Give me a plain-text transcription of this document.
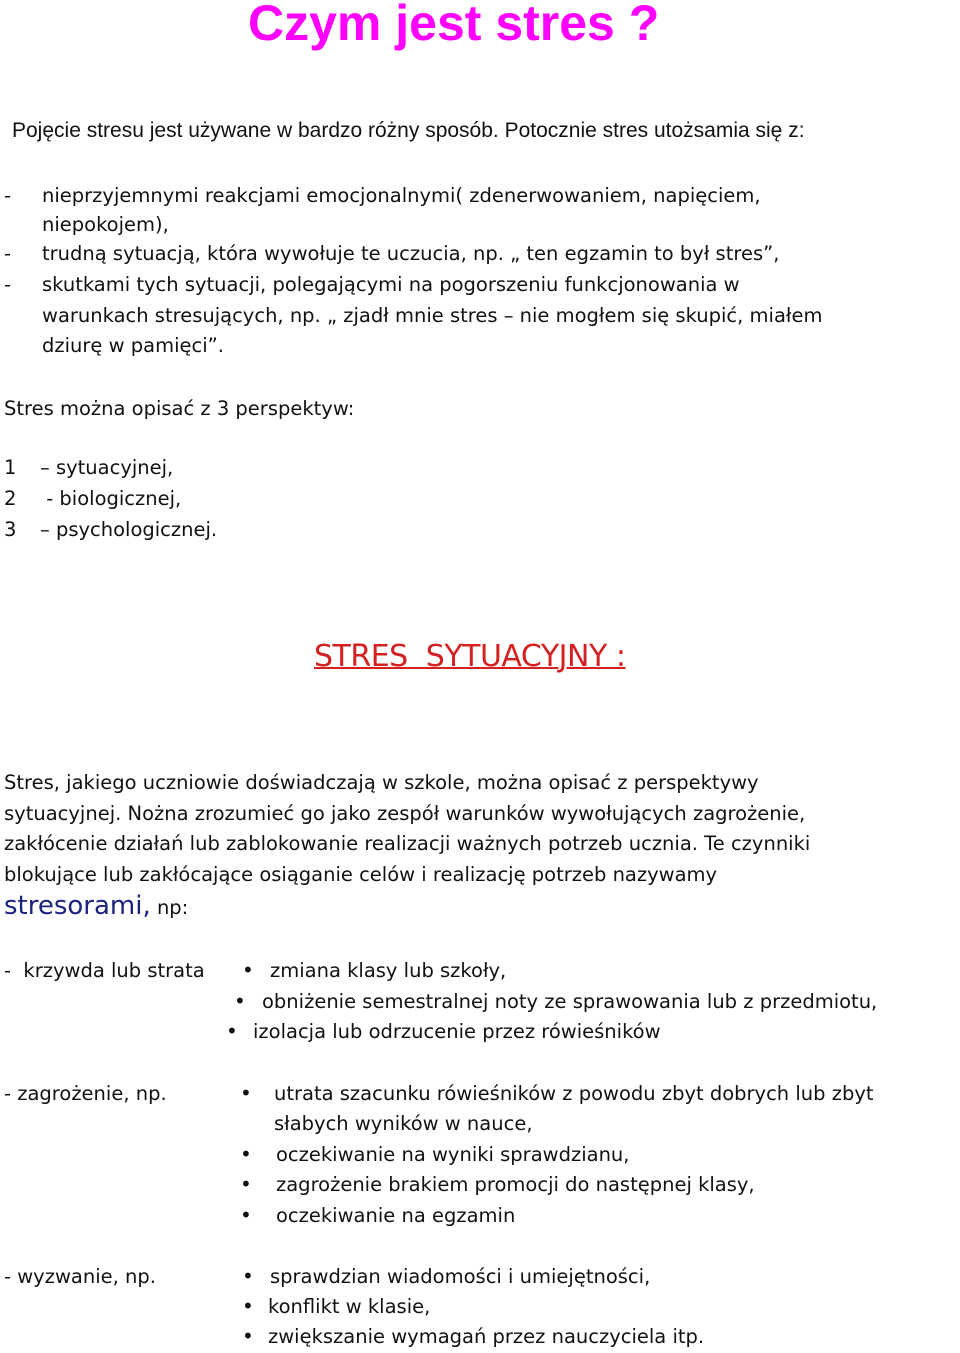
Czym jest stres ?
Pojęcie stresu jest używane w bardzo różny sposób. Potocznie stres utożsamia się z:
- nieprzyjemnymi reakcjami emocjonalnymi( zdenerwowaniem, napięciem,
niepokojem),
- trudną sytuacją, która wywołuje te uczucia, np. „ ten egzamin to był stres”,
- skutkami tych sytuacji, polegającymi na pogorszeniu funkcjonowania w
warunkach stresujących, np. „ zjadł mnie stres – nie mogłem się skupić, miałem
dziurę w pamięci”.
Stres można opisać z 3 perspektyw:
1 – sytuacyjnej,
2 - biologicznej,
3 – psychologicznej.
STRES  SYTUACYJNY :
Stres, jakiego uczniowie doświadczają w szkole, można opisać z perspektywy
sytuacyjnej. Nożna zrozumieć go jako zespół warunków wywołujących zagrożenie,
zakłócenie działań lub zablokowanie realizacji ważnych potrzeb ucznia. Te czynniki
blokujące lub zakłócające osiąganie celów i realizację potrzeb nazywamy
stresorami, np:
-  krzywda lub strata • zmiana klasy lub szkoły,
• obniżenie semestralnej noty ze sprawowania lub z przedmiotu,
• izolacja lub odrzucenie przez rówieśników
- zagrożenie, np.	• utrata szacunku rówieśników z powodu zbyt dobrych lub zbyt
słabych wyników w nauce,
• oczekiwanie na wyniki sprawdzianu,
• zagrożenie brakiem promocji do następnej klasy,
• oczekiwanie na egzamin
- wyzwanie, np.	• sprawdzian wiadomości i umiejętności,
• konflikt w klasie,
• zwiększanie wymagań przez nauczyciela itp.
